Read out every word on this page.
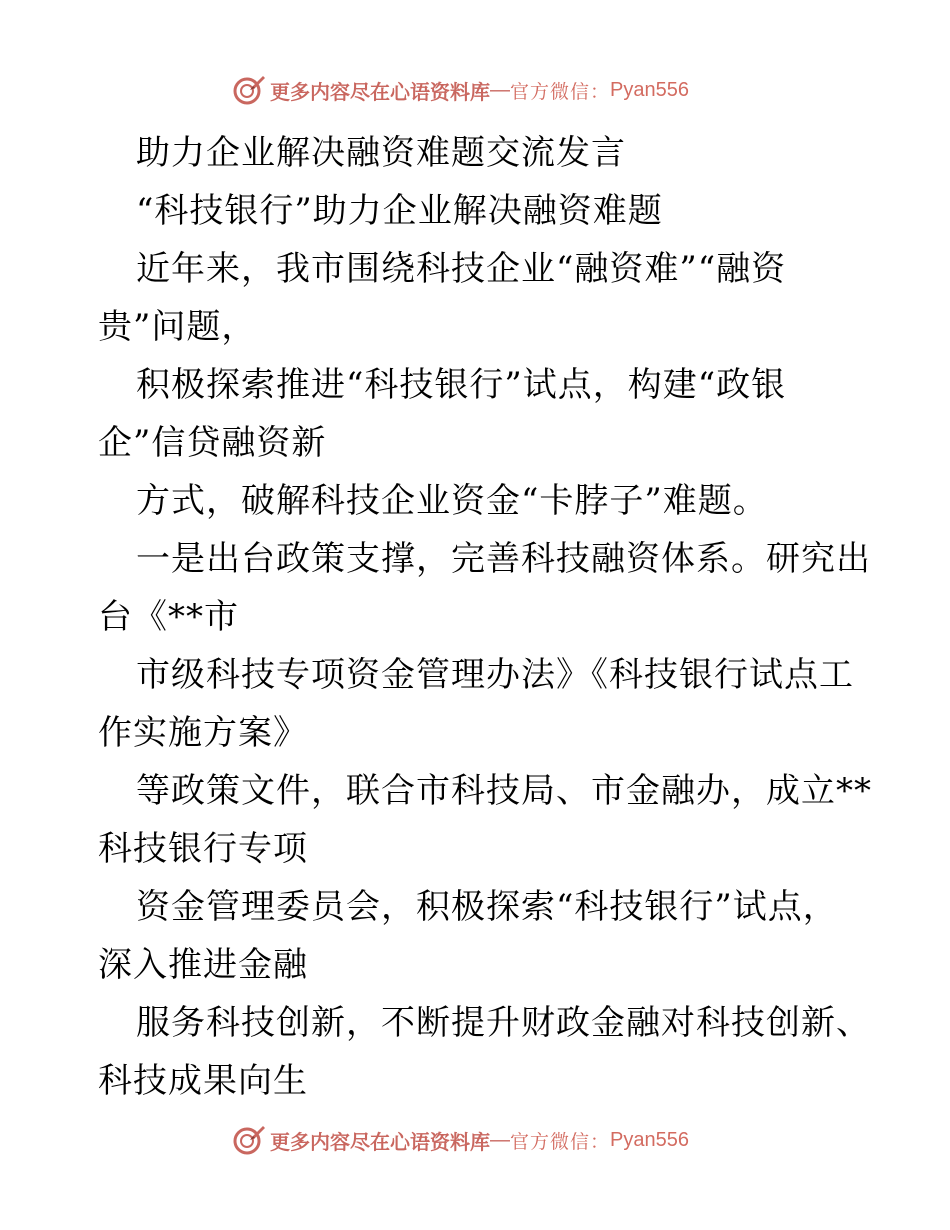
更多内容尽在心语资料库 — 官方微信： Pyan556
助力企业解决融资难题交流发言
“科技银行”助力企业解决融资难题
近年来，我市围绕科技企业“融资难”“融资
贵”问题，
积极探索推进“科技银行”试点，构建“政银
企”信贷融资新
方式，破解科技企业资金“卡脖子”难题。
一是出台政策支撑，完善科技融资体系。研究出
台《**市
市级科技专项资金管理办法》《科技银行试点工
作实施方案》
等政策文件，联合市科技局、市金融办，成立**
科技银行专项
资金管理委员会，积极探索“科技银行”试点，
深入推进金融
服务科技创新，不断提升财政金融对科技创新、
科技成果向生
更多内容尽在心语资料库 — 官方微信： Pyan556
